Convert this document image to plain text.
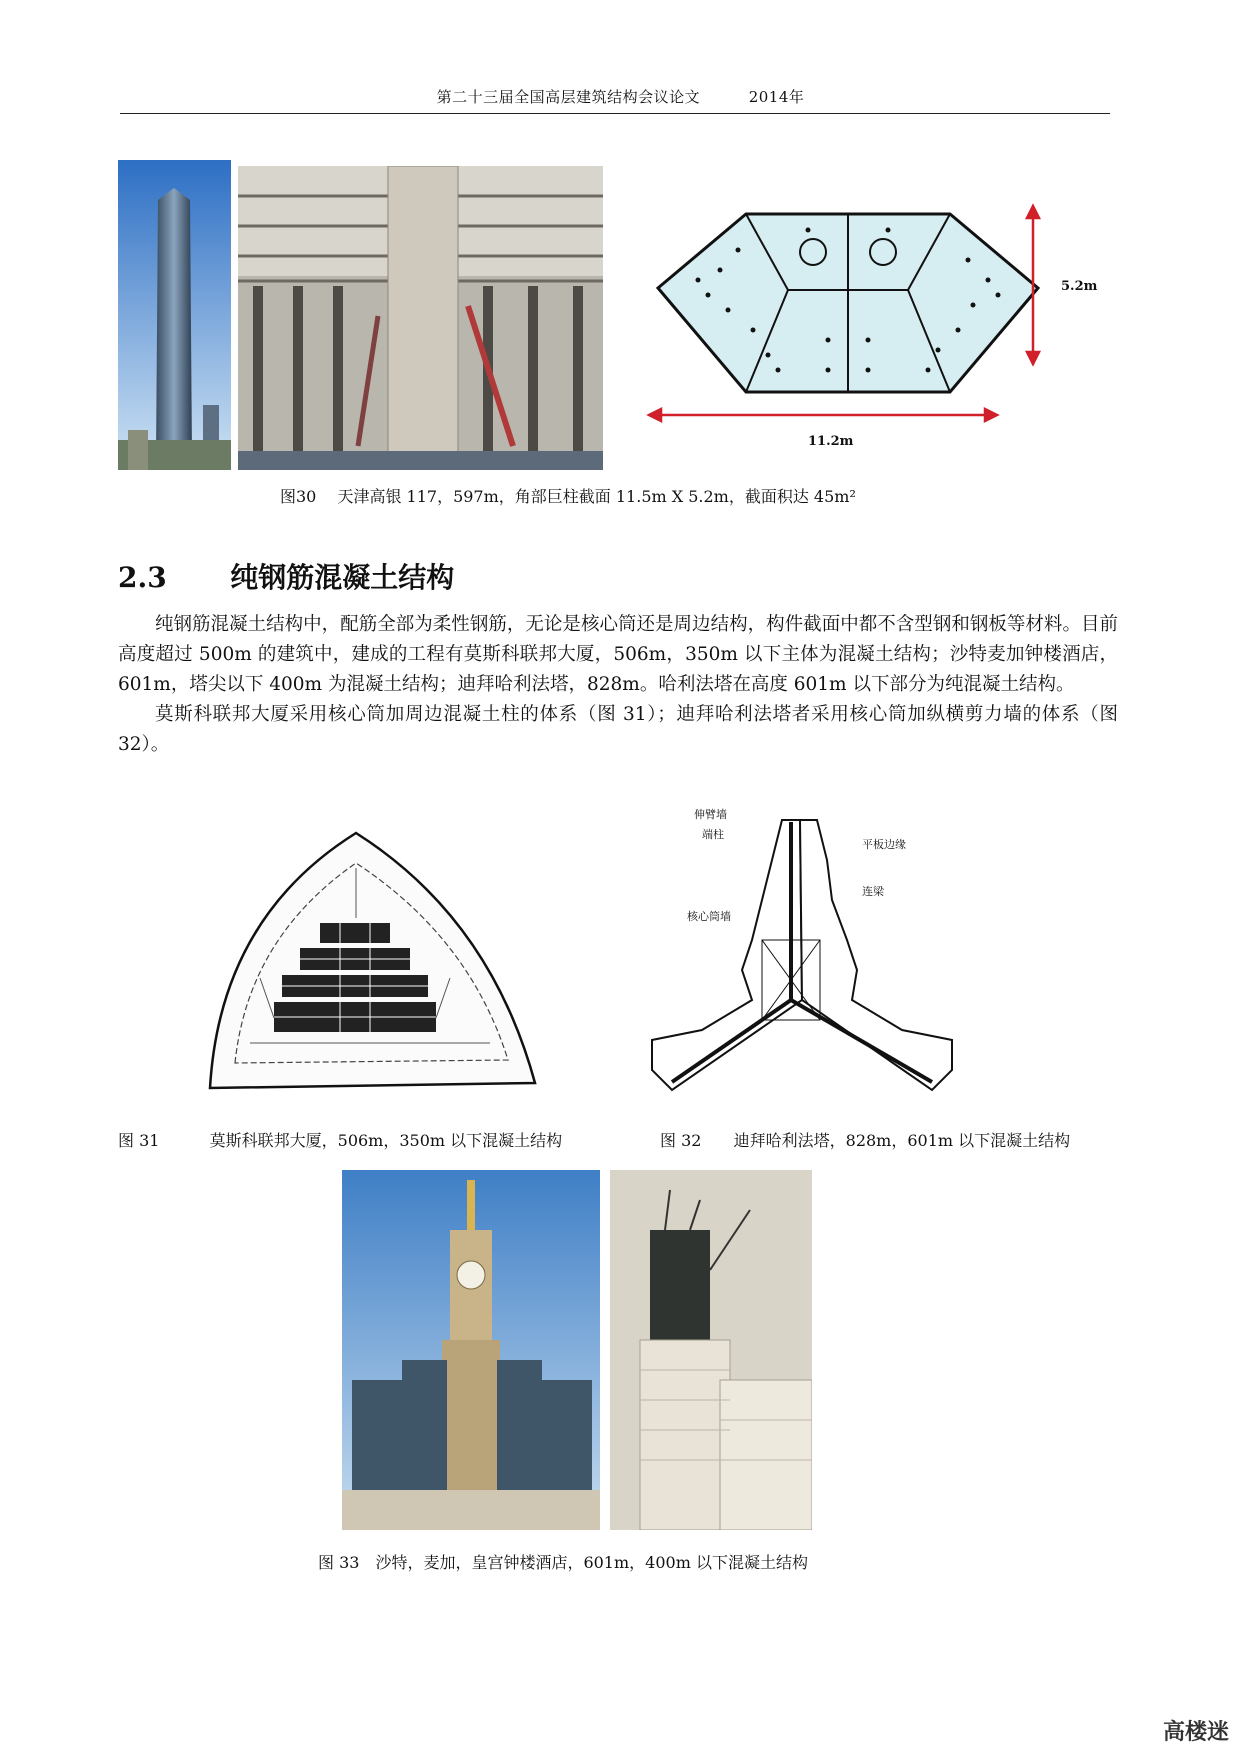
第二十三届全国高层建筑结构会议论文	2014年
5.2m
11.2m
图30　 天津高银 117，597m，角部巨柱截面 11.5m X 5.2m，截面积达 45m²
2.3 纯钢筋混凝土结构

纯钢筋混凝土结构中，配筋全部为柔性钢筋，无论是核心筒还是周边结构，构件截面中都不含型钢和钢板等材料。目前高度超过 500m 的建筑中，建成的工程有莫斯科联邦大厦，506m，350m 以下主体为混凝土结构；沙特麦加钟楼酒店，601m，塔尖以下 400m 为混凝土结构；迪拜哈利法塔，828m。哈利法塔在高度 601m 以下部分为纯混凝土结构。

莫斯科联邦大厦采用核心筒加周边混凝土柱的体系（图 31）；迪拜哈利法塔者采用核心筒加纵横剪力墙的体系（图 32）。

伸臂墙
端柱
平板边缘
连梁
核心筒墙
图 31	莫斯科联邦大厦，506m，350m 以下混凝土结构	图 32 迪拜哈利法塔，828m，601m 以下混凝土结构
图 33　沙特，麦加，皇宫钟楼酒店，601m，400m 以下混凝土结构
高楼迷
